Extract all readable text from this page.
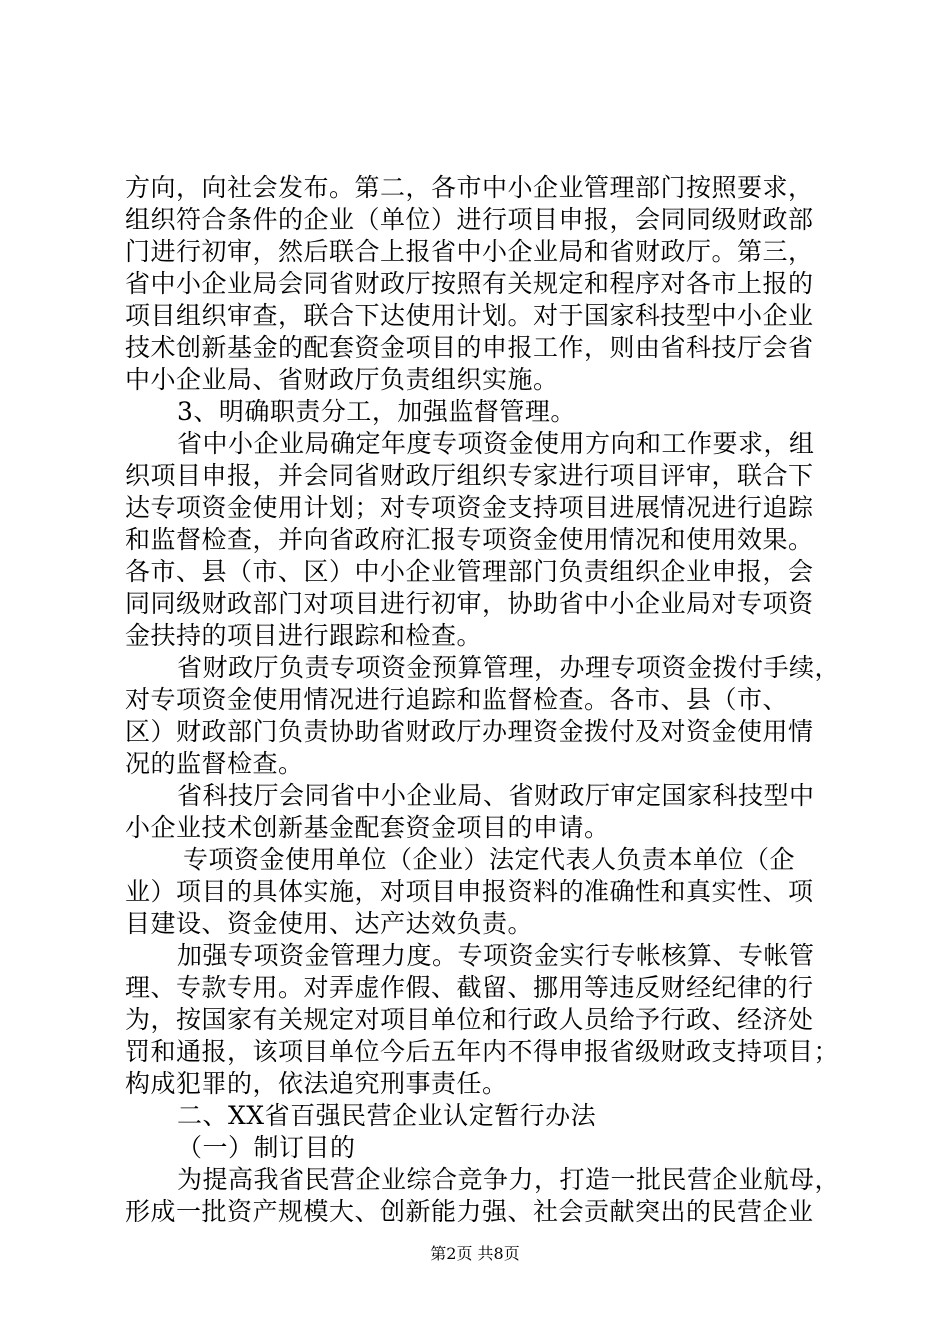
方向，向社会发布。第二，各市中小企业管理部门按照要求，
组织符合条件的企业（单位）进行项目申报，会同同级财政部
门进行初审，然后联合上报省中小企业局和省财政厅。第三，
省中小企业局会同省财政厅按照有关规定和程序对各市上报的
项目组织审查，联合下达使用计划。对于国家科技型中小企业
技术创新基金的配套资金项目的申报工作，则由省科技厅会省
中小企业局、省财政厅负责组织实施。
3、明确职责分工，加强监督管理。
省中小企业局确定年度专项资金使用方向和工作要求，组
织项目申报，并会同省财政厅组织专家进行项目评审，联合下
达专项资金使用计划；对专项资金支持项目进展情况进行追踪
和监督检查，并向省政府汇报专项资金使用情况和使用效果。
各市、县（市、区）中小企业管理部门负责组织企业申报，会
同同级财政部门对项目进行初审，协助省中小企业局对专项资
金扶持的项目进行跟踪和检查。
省财政厅负责专项资金预算管理，办理专项资金拨付手续，
对专项资金使用情况进行追踪和监督检查。各市、县（市、
区）财政部门负责协助省财政厅办理资金拨付及对资金使用情
况的监督检查。
省科技厅会同省中小企业局、省财政厅审定国家科技型中
小企业技术创新基金配套资金项目的申请。
专项资金使用单位（企业）法定代表人负责本单位（企
业）项目的具体实施，对项目申报资料的准确性和真实性、项
目建设、资金使用、达产达效负责。
加强专项资金管理力度。专项资金实行专帐核算、专帐管
理、专款专用。对弄虚作假、截留、挪用等违反财经纪律的行
为，按国家有关规定对项目单位和行政人员给予行政、经济处
罚和通报，该项目单位今后五年内不得申报省级财政支持项目；
构成犯罪的，依法追究刑事责任。
二、XX省百强民营企业认定暂行办法
（一）制订目的
为提高我省民营企业综合竞争力，打造一批民营企业航母，
形成一批资产规模大、创新能力强、社会贡献突出的民营企业
第2页 共8页
